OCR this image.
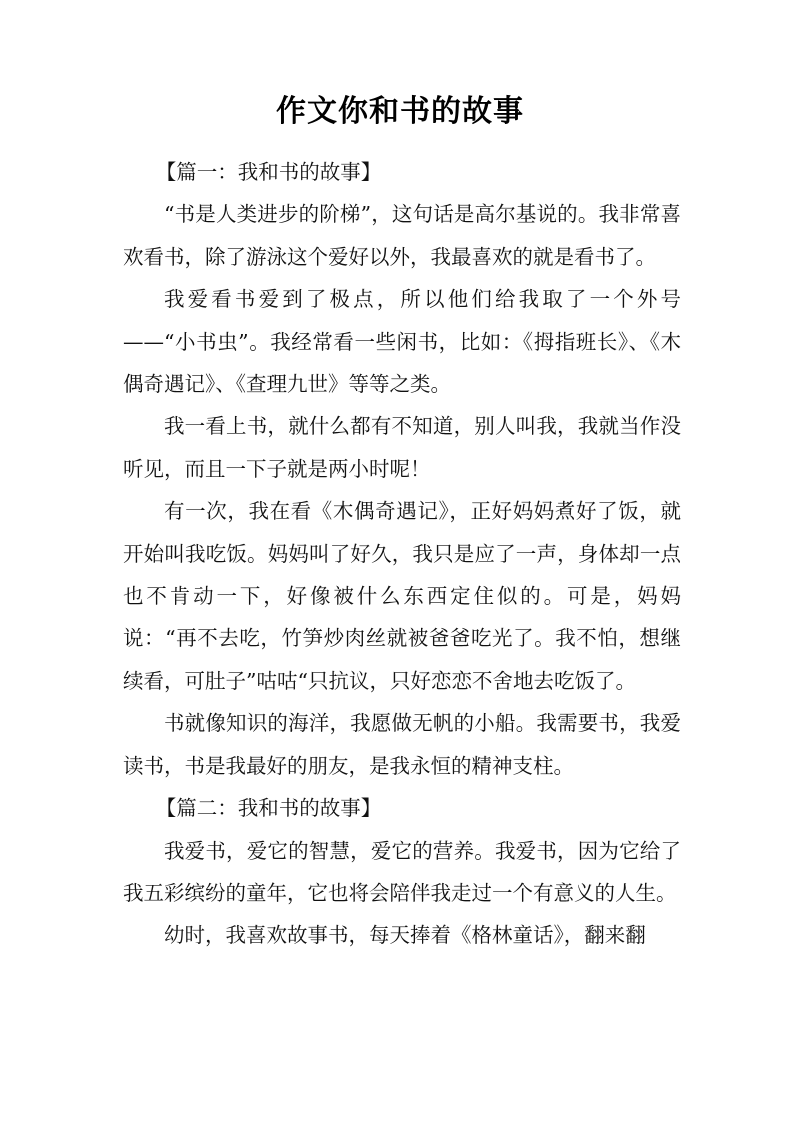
作文你和书的故事

【篇一：我和书的故事】

“书是人类进步的阶梯”，这句话是高尔基说的。我非常喜欢看书，除了游泳这个爱好以外，我最喜欢的就是看书了。

我爱看书爱到了极点，所以他们给我取了一个外号——“小书虫”。我经常看一些闲书，比如：《拇指班长》、《木偶奇遇记》、《查理九世》等等之类。

我一看上书，就什么都有不知道，别人叫我，我就当作没听见，而且一下子就是两小时呢！

有一次，我在看《木偶奇遇记》，正好妈妈煮好了饭，就开始叫我吃饭。妈妈叫了好久，我只是应了一声，身体却一点也不肯动一下，好像被什么东西定住似的。可是，妈妈说：“再不去吃，竹笋炒肉丝就被爸爸吃光了。我不怕，想继续看，可肚子”咕咕“只抗议，只好恋恋不舍地去吃饭了。

书就像知识的海洋，我愿做无帆的小船。我需要书，我爱读书，书是我最好的朋友，是我永恒的精神支柱。

【篇二：我和书的故事】

我爱书，爱它的智慧，爱它的营养。我爱书，因为它给了我五彩缤纷的童年，它也将会陪伴我走过一个有意义的人生。

幼时，我喜欢故事书，每天捧着《格林童话》，翻来翻
